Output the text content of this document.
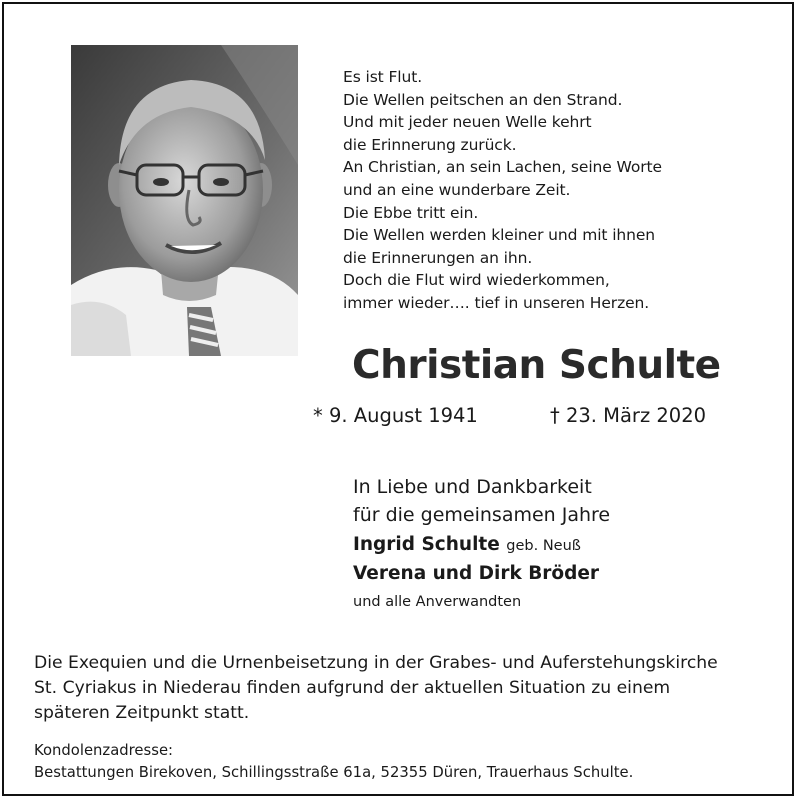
Es ist Flut.
Die Wellen peitschen an den Strand.
Und mit jeder neuen Welle kehrt
die Erinnerung zurück.
An Christian, an sein Lachen, seine Worte
und an eine wunderbare Zeit.
Die Ebbe tritt ein.
Die Wellen werden kleiner und mit ihnen
die Erinnerungen an ihn.
Doch die Flut wird wiederkommen,
immer wieder…. tief in unseren Herzen.
Christian Schulte
* 9. August 1941	† 23. März 2020
In Liebe und Dankbarkeit
für die gemeinsamen Jahre
Ingrid Schulte geb. Neuß
Verena und Dirk Bröder
und alle Anverwandten
Die Exequien und die Urnenbeisetzung in der Grabes- und Auferstehungskirche
St. Cyriakus in Niederau finden aufgrund der aktuellen Situation zu einem
späteren Zeitpunkt statt.
Kondolenzadresse:
Bestattungen Birekoven, Schillingsstraße 61a, 52355 Düren, Trauerhaus Schulte.
